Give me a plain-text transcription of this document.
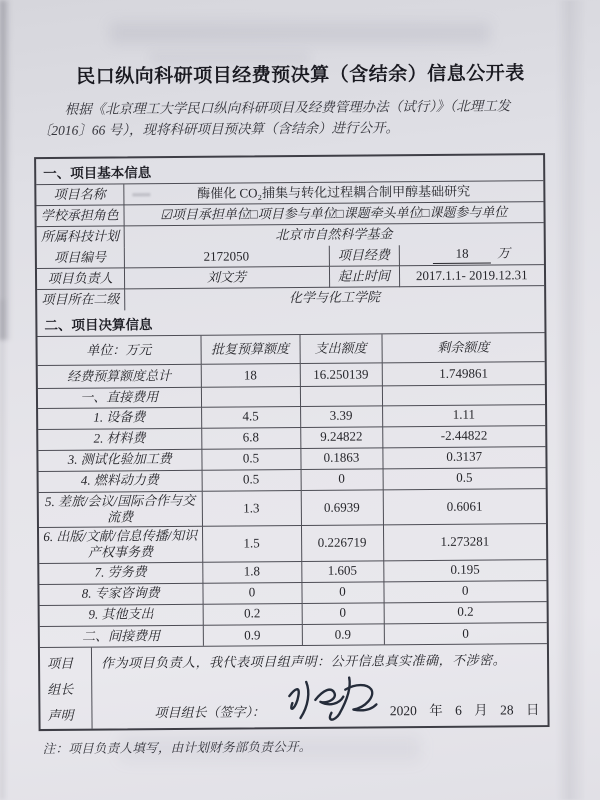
民口纵向科研项目经费预决算（含结余）信息公开表
根据《北京理工大学民口纵向科研项目及经费管理办法（试行）》（北理工发
〔2016〕66 号），现将科研项目预决算（含结余）进行公开。
一、项目基本信息
项目名称	酶催化 CO₂捕集与转化过程耦合制甲醇基础研究
学校承担角色	☑项目承担单位□项目参与单位□课题牵头单位□课题参与单位
所属科技计划	北京市自然科学基金
项目编号	2172050	项目经费	18 万
项目负责人	刘文芳	起止时间	2017.1.1- 2019.12.31
项目所在二级	化学与化工学院		
二、项目决算信息
单位：万元	批复预算额度	支出额度	剩余额度
经费预算额度总计	18	16.250139	1.749861
一、直接费用			
1. 设备费	4.5	3.39	1.11
2. 材料费	6.8	9.24822	-2.44822
3. 测试化验加工费	0.5	0.1863	0.3137
4. 燃料动力费	0.5	0	0.5
5. 差旅/会议/国际合作与交流费	1.3	0.6939	0.6061
6. 出版/文献/信息传播/知识产权事务费	1.5	0.226719	1.273281
7. 劳务费	1.8	1.605	0.195
8. 专家咨询费	0	0	0
9. 其他支出	0.2	0	0.2
二、间接费用	0.9	0.9	0
项目
组长
声明
作为项目负责人，我代表项目组声明：公开信息真实准确，不涉密。
项目组长（签字）：	2020 年 6 月 28 日
注：项目负责人填写，由计划财务部负责公开。
